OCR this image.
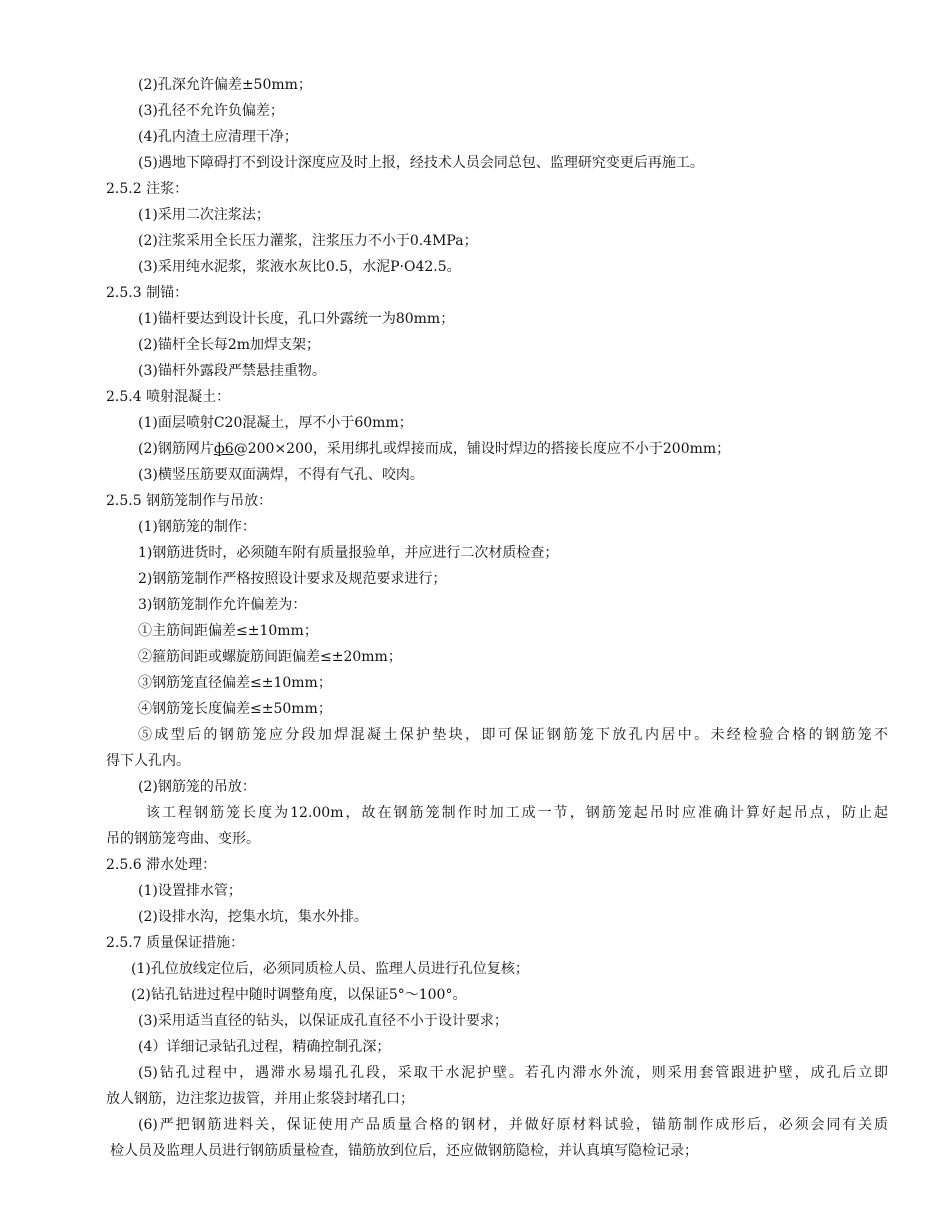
(2)孔深允许偏差±50mm；
(3)孔径不允许负偏差；
(4)孔内渣土应清理干净；
(5)遇地下障碍打不到设计深度应及时上报，经技术人员会同总包、监理研究变更后再施工。
2.5.2 注浆：
(1)采用二次注浆法；
(2)注浆采用全长压力灌浆，注浆压力不小于0.4MPa；
(3)采用纯水泥浆，浆液水灰比0.5，水泥P·O42.5。
2.5.3 制锚：
(1)锚杆要达到设计长度，孔口外露统一为80mm；
(2)锚杆全长每2m加焊支架；
(3)锚杆外露段严禁悬挂重物。
2.5.4 喷射混凝土：
(1)面层喷射C20混凝土，厚不小于60mm；
(2)钢筋网片ф6@200×200，采用绑扎或焊接而成，铺设时焊边的搭接长度应不小于200mm；
(3)横竖压筋要双面满焊，不得有气孔、咬肉。
2.5.5 钢筋笼制作与吊放：
(1)钢筋笼的制作：
1)钢筋进货时，必须随车附有质量报验单，并应进行二次材质检查；
2)钢筋笼制作严格按照设计要求及规范要求进行；
3)钢筋笼制作允许偏差为：
①主筋间距偏差≤±10mm；
②箍筋间距或螺旋筋间距偏差≤±20mm；
③钢筋笼直径偏差≤±10mm；
④钢筋笼长度偏差≤±50mm；
⑤成型后的钢筋笼应分段加焊混凝土保护垫块，即可保证钢筋笼下放孔内居中。未经检验合格的钢筋笼不
得下人孔内。
(2)钢筋笼的吊放：
该工程钢筋笼长度为12.00m，故在钢筋笼制作时加工成一节，钢筋笼起吊时应准确计算好起吊点，防止起
吊的钢筋笼弯曲、变形。
2.5.6 滞水处理：
(1)设置排水管；
(2)设排水沟，挖集水坑，集水外排。
2.5.7 质量保证措施：
(1)孔位放线定位后，必须同质检人员、监理人员进行孔位复核；
(2)钻孔钻进过程中随时调整角度，以保证5°～100°。
(3)采用适当直径的钻头，以保证成孔直径不小于设计要求；
(4）详细记录钻孔过程，精确控制孔深；
(5)钻孔过程中，遇滞水易塌孔孔段，采取干水泥护壁。若孔内滞水外流，则采用套管跟进护壁，成孔后立即
放人钢筋，边注浆边拔管，并用止浆袋封堵孔口；
(6)严把钢筋进料关，保证使用产品质量合格的钢材，并做好原材料试验，锚筋制作成形后，必须会同有关质
检人员及监理人员进行钢筋质量检查，锚筋放到位后，还应做钢筋隐检，并认真填写隐检记录；
